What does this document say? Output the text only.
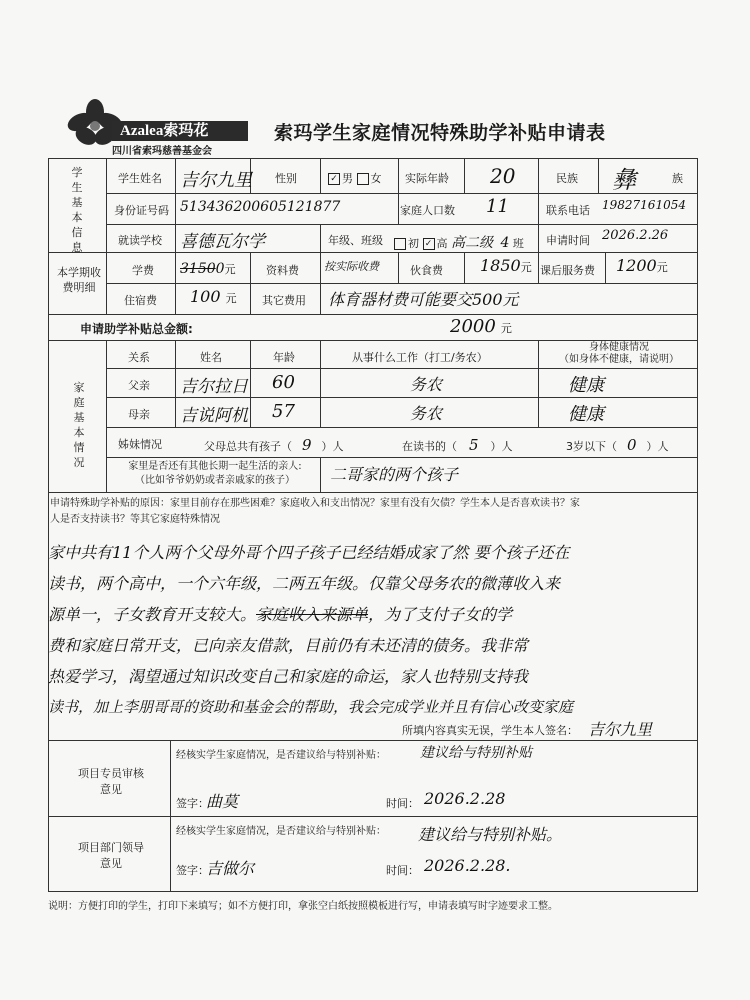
Azalea索玛花
四川省索玛慈善基金会
索玛学生家庭情况特殊助学补贴申请表
学生基本信息
本学期收费明细
家庭基本情况
学生姓名 吉尔九里 性别	✓ 男 女 实际年龄 20	民族 彝	族
身份证号码 513436200605121877	家庭人口数 11	联系电话 19827161054
就读学校 喜德瓦尔学	年级、班级	初 ✓ 高 高二级 4 班 申请时间 2026.2.26
学费 31500元	资料费 按实际收费	伙食费 1850元 课后服务费 1200元
住宿费 100 元 其它费用 体育器材费可能要交500元
申请助学补贴总金额:	2000 元
关系	姓名	年龄	从事什么工作（打工/务农）
身体健康情况
（如身体不健康，请说明）
父亲 吉尔拉日 60	务农	健康
母亲 吉说阿机 57	务农	健康
姊妹情况	父母总共有孩子（ 9 ）人	在读书的（ 5 ）人	3岁以下（ 0 ）人
家里是否还有其他长期一起生活的亲人:
（比如爷爷奶奶或者亲戚家的孩子）	二哥家的两个孩子
申请特殊助学补贴的原因：家里目前存在那些困难？家庭收入和支出情况？家里有没有欠债？学生本人是否喜欢读书？家
人是否支持读书？等其它家庭特殊情况
家中共有11个人两个父母外哥个四子孩子已经结婚成家了然 要个孩子还在
读书，两个高中，一个六年级，二两五年级。仅靠父母务农的微薄收入来
源单一，子女教育开支较大。家庭收入来源单，为了支付子女的学
费和家庭日常开支，已向亲友借款，目前仍有未还清的债务。我非常
热爱学习，渴望通过知识改变自己和家庭的命运，家人也特别支持我
读书，加上李朋哥哥的资助和基金会的帮助，我会完成学业并且有信心改变家庭
所填内容真实无误，学生本人签名： 吉尔九里
项目专员审核意见
经核实学生家庭情况，是否建议给与特别补贴： 建议给与特别补贴
签字：
曲莫	时间： 2026.2.28
项目部门领导意见
经核实学生家庭情况，是否建议给与特别补贴： 建议给与特别补贴。
签字：
吉做尔	时间： 2026.2.28.
说明：方便打印的学生，打印下来填写；如不方便打印，拿张空白纸按照模板进行写，申请表填写时字迹要求工整。
